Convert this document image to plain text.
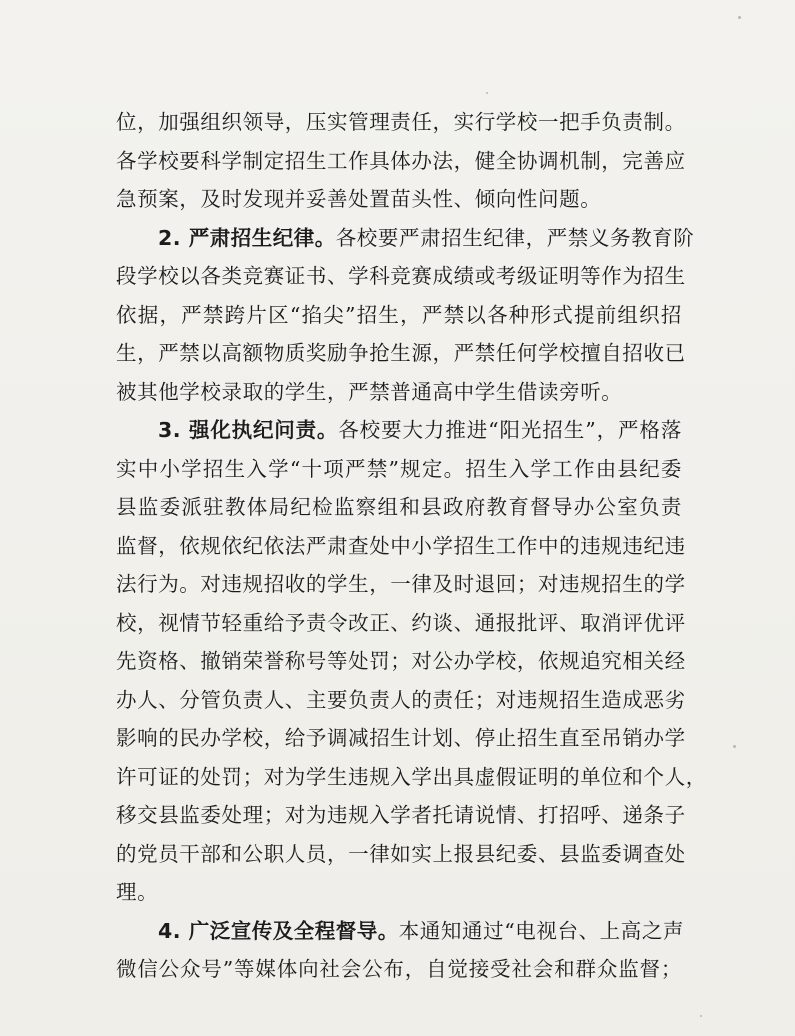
位，加强组织领导，压实管理责任，实行学校一把手负责制。
各学校要科学制定招生工作具体办法，健全协调机制，完善应
急预案，及时发现并妥善处置苗头性、倾向性问题。
2. 严肃招生纪律。各校要严肃招生纪律，严禁义务教育阶
段学校以各类竞赛证书、学科竞赛成绩或考级证明等作为招生
依据，严禁跨片区“掐尖”招生，严禁以各种形式提前组织招
生，严禁以高额物质奖励争抢生源，严禁任何学校擅自招收已
被其他学校录取的学生，严禁普通高中学生借读旁听。
3. 强化执纪问责。各校要大力推进“阳光招生”，严格落
实中小学招生入学“十项严禁”规定。招生入学工作由县纪委
县监委派驻教体局纪检监察组和县政府教育督导办公室负责
监督，依规依纪依法严肃查处中小学招生工作中的违规违纪违
法行为。对违规招收的学生，一律及时退回；对违规招生的学
校，视情节轻重给予责令改正、约谈、通报批评、取消评优评
先资格、撤销荣誉称号等处罚；对公办学校，依规追究相关经
办人、分管负责人、主要负责人的责任；对违规招生造成恶劣
影响的民办学校，给予调减招生计划、停止招生直至吊销办学
许可证的处罚；对为学生违规入学出具虚假证明的单位和个人，
移交县监委处理；对为违规入学者托请说情、打招呼、递条子
的党员干部和公职人员，一律如实上报县纪委、县监委调查处
理。
4. 广泛宣传及全程督导。本通知通过“电视台、上高之声
微信公众号”等媒体向社会公布，自觉接受社会和群众监督；
